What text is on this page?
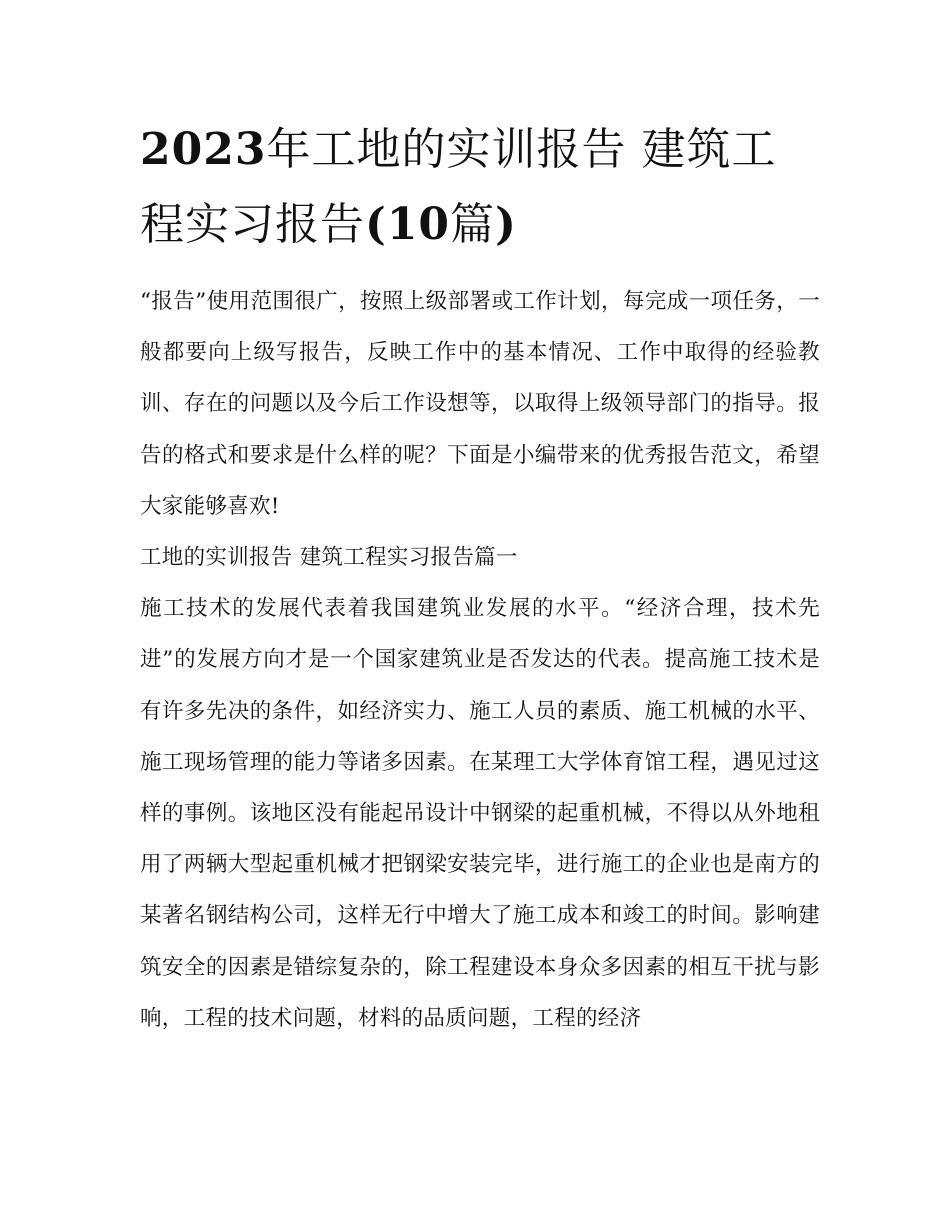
2023年工地的实训报告 建筑工程实习报告(10篇)

“报告”使用范围很广，按照上级部署或工作计划，每完成一项任务，一般都要向上级写报告，反映工作中的基本情况、工作中取得的经验教训、存在的问题以及今后工作设想等，以取得上级领导部门的指导。报告的格式和要求是什么样的呢？下面是小编带来的优秀报告范文，希望大家能够喜欢!

工地的实训报告 建筑工程实习报告篇一

施工技术的发展代表着我国建筑业发展的水平。“经济合理，技术先进”的发展方向才是一个国家建筑业是否发达的代表。提高施工技术是有许多先决的条件，如经济实力、施工人员的素质、施工机械的水平、施工现场管理的能力等诸多因素。在某理工大学体育馆工程，遇见过这样的事例。该地区没有能起吊设计中钢梁的起重机械，不得以从外地租用了两辆大型起重机械才把钢梁安装完毕，进行施工的企业也是南方的某著名钢结构公司，这样无行中增大了施工成本和竣工的时间。影响建筑安全的因素是错综复杂的，除工程建设本身众多因素的相互干扰与影响，工程的技术问题，材料的品质问题，工程的经济
